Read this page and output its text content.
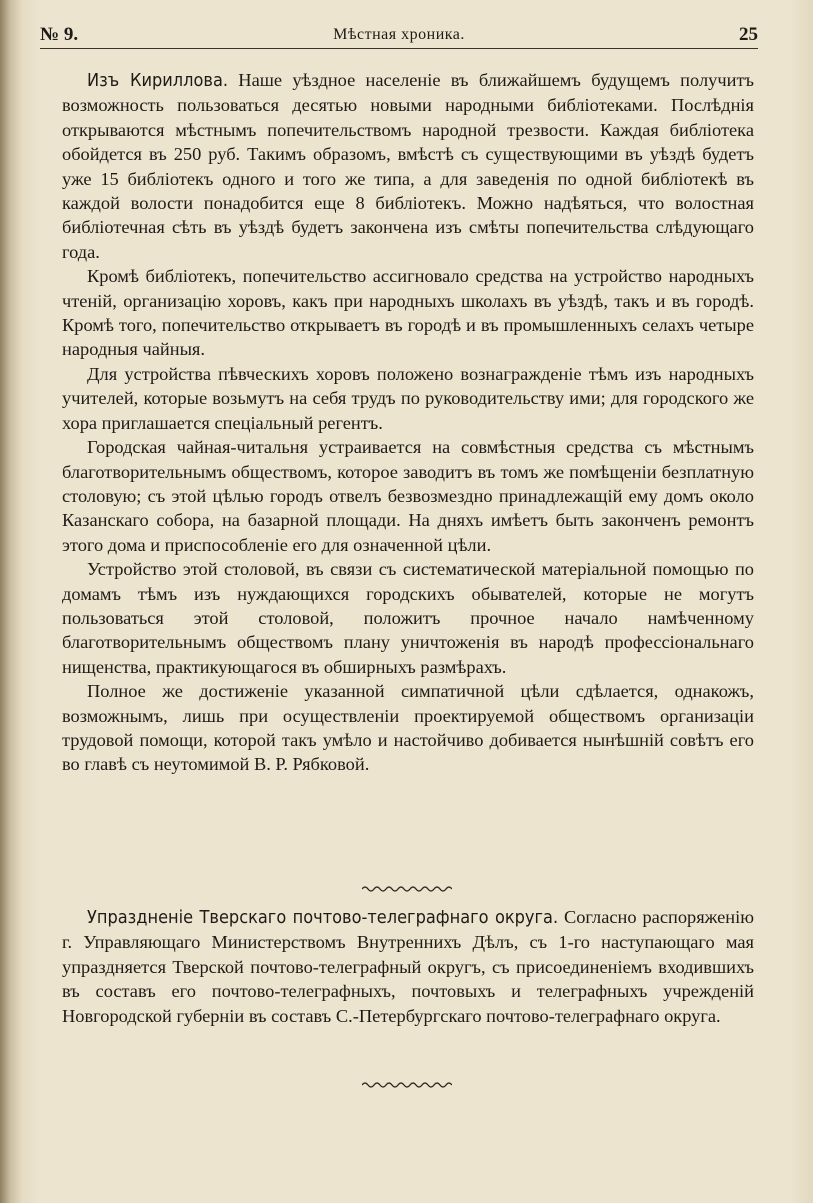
№ 9.	Мѣстная хроника.	25

Изъ Кириллова. Наше уѣздное населенiе въ ближайшемъ будущемъ получитъ возможность пользоваться десятью новыми народными библiотеками. Послѣднiя открываются мѣстнымъ попечительствомъ народной трезвости. Каждая библiотека обойдется въ 250 руб. Такимъ образомъ, вмѣстѣ съ существующими въ уѣздѣ будетъ уже 15 библiотекъ одного и того же типа, а для заведенiя по одной библiотекѣ въ каждой волости понадобится еще 8 библiотекъ. Можно надѣяться, что волостная библiотечная сѣть въ уѣздѣ будетъ закончена изъ смѣты попечительства слѣдующаго года.

Кромѣ библiотекъ, попечительство ассигновало средства на устройство народныхъ чтенiй, организацiю хоровъ, какъ при народныхъ школахъ въ уѣздѣ, такъ и въ городѣ. Кромѣ того, попечительство открываетъ въ городѣ и въ промышленныхъ селахъ четыре народныя чайныя.

Для устройства пѣвческихъ хоровъ положено вознагражденiе тѣмъ изъ народныхъ учителей, которые возьмутъ на себя трудъ по руководительству ими; для городского же хора приглашается спецiальный регентъ.

Городская чайная-читальня устраивается на совмѣстныя средства съ мѣстнымъ благотворительнымъ обществомъ, которое заводитъ въ томъ же помѣщенiи безплатную столовую; съ этой цѣлью городъ отвелъ безвозмездно принадлежащiй ему домъ около Казанскаго собора, на базарной площади. На дняхъ имѣетъ быть законченъ ремонтъ этого дома и приспособленiе его для означенной цѣли.

Устройство этой столовой, въ связи съ систематической матерiальной помощью по домамъ тѣмъ изъ нуждающихся городскихъ обывателей, которые не могутъ пользоваться этой столовой, положитъ прочное начало намѣченному благотворительнымъ обществомъ плану уничтоженiя въ народѣ профессiональнаго нищенства, практикующагося въ обширныхъ размѣрахъ.

Полное же достиженiе указанной симпатичной цѣли сдѣлается, однакожъ, возможнымъ, лишь при осуществленiи проектируемой обществомъ организацiи трудовой помощи, которой такъ умѣло и настойчиво добивается нынѣшнiй совѣтъ его во главѣ съ неутомимой В. Р. Рябковой.

Упраздненiе Тверскаго почтово-телеграфнаго округа. Согласно распоряженiю г. Управляющаго Министерствомъ Внутреннихъ Дѣлъ, съ 1-го наступающаго мая упраздняется Тверской почтово-телеграфный округъ, съ присоединенiемъ входившихъ въ составъ его почтово-телеграфныхъ, почтовыхъ и телеграфныхъ учрежденiй Новгородской губернiи въ составъ С.-Петербургскаго почтово-телеграфнаго округа.
